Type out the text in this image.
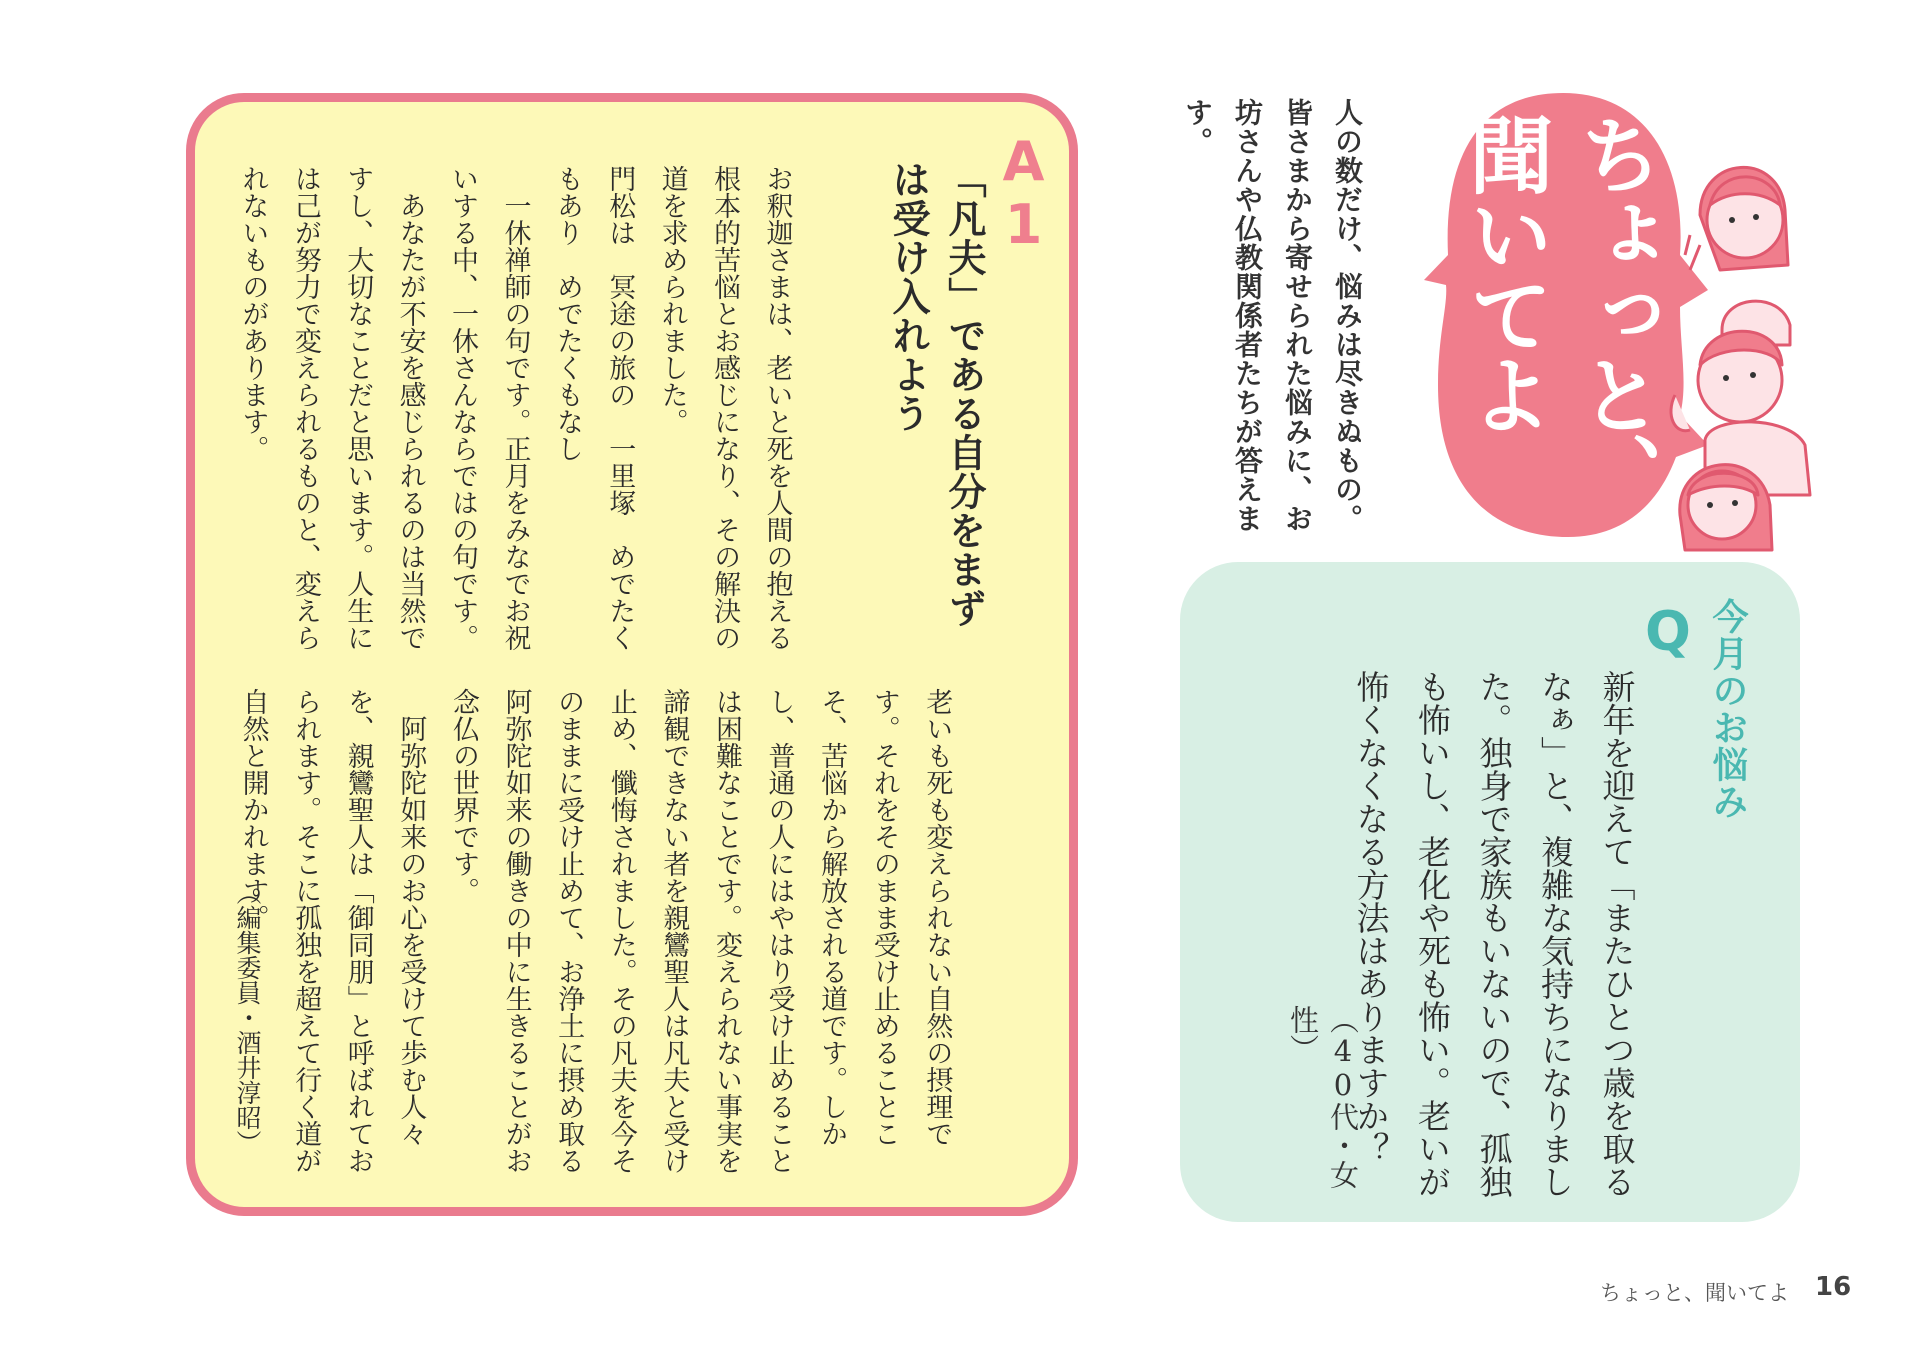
ちょっと、聞いてよ
人の数だけ、悩みは尽きぬもの。皆さまから寄せられた悩みに、お坊さんや仏教関係者たちが答えます。
今月のお悩み
Q
新年を迎えて「またひとつ歳を取るなぁ」と、複雑な気持ちになりました。独身で家族もいないので、孤独も怖いし、老化や死も怖い。老いが怖くなくなる方法はありますか？
（40代・女性）
A1
「凡夫」である自分をまずは受け入れよう

お釈迦さまは、老いと死を人間の抱える根本的苦悩とお感じになり、その解決の道を求められました。

門松は　冥途の旅の　一里塚　めでたくもあり　めでたくもなし

一休禅師の句です。正月をみなでお祝いする中、一休さんならではの句です。

あなたが不安を感じられるのは当然ですし、大切なことだと思います。人生には己が努力で変えられるものと、変えられないものがあります。

老いも死も変えられない自然の摂理です。それをそのまま受け止めることこそ、苦悩から解放される道です。しかし、普通の人にはやはり受け止めることは困難なことです。変えられない事実を諦観できない者を親鸞聖人は凡夫と受け止め、懺悔されました。その凡夫を今そのままに受け止めて、お浄土に摂め取る阿弥陀如来の働きの中に生きることがお念仏の世界です。

阿弥陀如来のお心を受けて歩む人々を、親鸞聖人は「御同朋」と呼ばれておられます。そこに孤独を超えて行く道が自然と開かれます。

（編集委員・酒井淳昭）
ちょっと、聞いてよ 16
